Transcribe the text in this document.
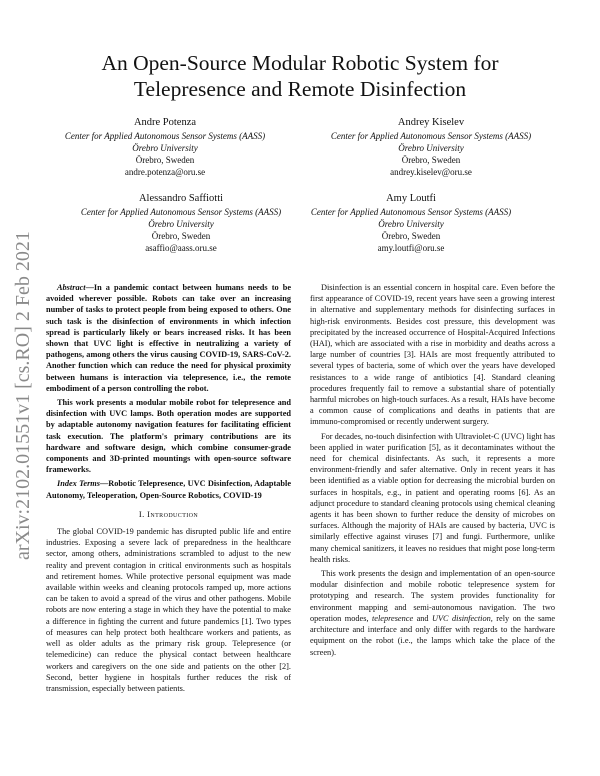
arXiv:2102.01551v1 [cs.RO] 2 Feb 2021
An Open-Source Modular Robotic System for
Telepresence and Remote Disinfection
Andre Potenza
Center for Applied Autonomous Sensor Systems (AASS)
Örebro University
Örebro, Sweden
andre.potenza@oru.se
Andrey Kiselev
Center for Applied Autonomous Sensor Systems (AASS)
Örebro University
Örebro, Sweden
andrey.kiselev@oru.se
Alessandro Saffiotti
Center for Applied Autonomous Sensor Systems (AASS)
Örebro University
Örebro, Sweden
asaffio@aass.oru.se
Amy Loutfi
Center for Applied Autonomous Sensor Systems (AASS)
Örebro University
Örebro, Sweden
amy.loutfi@oru.se

Abstract—In a pandemic contact between humans needs to be avoided wherever possible. Robots can take over an increasing number of tasks to protect people from being exposed to others. One such task is the disinfection of environments in which infection spread is particularly likely or bears increased risks. It has been shown that UVC light is effective in neutralizing a variety of pathogens, among others the virus causing COVID-19, SARS-CoV-2. Another function which can reduce the need for physical proximity between humans is interaction via telepresence, i.e., the remote embodiment of a person controlling the robot.

This work presents a modular mobile robot for telepresence and disinfection with UVC lamps. Both operation modes are supported by adaptable autonomy navigation features for facilitating efficient task execution. The platform's primary contributions are its hardware and software design, which combine consumer-grade components and 3D-printed mountings with open-source software frameworks.

Index Terms—Robotic Telepresence, UVC Disinfection, Adaptable Autonomy, Teleoperation, Open-Source Robotics, COVID-19

I. Introduction

The global COVID-19 pandemic has disrupted public life and entire industries. Exposing a severe lack of preparedness in the healthcare sector, among others, administrations scrambled to adjust to the new reality and prevent contagion in critical environments such as hospitals and retirement homes. While protective personal equipment was made available within weeks and cleaning protocols ramped up, more actions can be taken to avoid a spread of the virus and other pathogens. Mobile robots are now entering a stage in which they have the potential to make a difference in fighting the current and future pandemics [1]. Two types of measures can help protect both healthcare workers and patients, as well as older adults as the primary risk group. Telepresence (or telemedicine) can reduce the physical contact between healthcare workers and caregivers on the one side and patients on the other [2]. Second, better hygiene in hospitals further reduces the risk of transmission, especially between patients.

Disinfection is an essential concern in hospital care. Even before the first appearance of COVID-19, recent years have seen a growing interest in alternative and supplementary methods for disinfecting surfaces in high-risk environments. Besides cost pressure, this development was precipitated by the increased occurrence of Hospital-Acquired Infections (HAI), which are associated with a rise in morbidity and deaths across a large number of countries [3]. HAIs are most frequently attributed to several types of bacteria, some of which over the years have developed resistances to a wide range of antibiotics [4]. Standard cleaning procedures frequently fail to remove a substantial share of potentially harmful microbes on high-touch surfaces. As a result, HAIs have become a common cause of complications and deaths in patients that are immuno-compromised or recently underwent surgery.

For decades, no-touch disinfection with Ultraviolet-C (UVC) light has been applied in water purification [5], as it decontaminates without the need for chemical disinfectants. As such, it represents a more environment-friendly and safer alternative. Only in recent years it has been identified as a viable option for decreasing the microbial burden on surfaces in hospitals, e.g., in patient and operating rooms [6]. As an adjunct procedure to standard cleaning protocols using chemical cleaning agents it has been shown to further reduce the density of microbes on surfaces. Although the majority of HAIs are caused by bacteria, UVC is similarly effective against viruses [7] and fungi. Furthermore, unlike many chemical sanitizers, it leaves no residues that might pose long-term health risks.

This work presents the design and implementation of an open-source modular disinfection and mobile robotic telepresence system for prototyping and research. The system provides functionality for environment mapping and semi-autonomous navigation. The two operation modes, telepresence and UVC disinfection, rely on the same architecture and interface and only differ with regards to the hardware equipment on the robot (i.e., the lamps which take the place of the screen).
